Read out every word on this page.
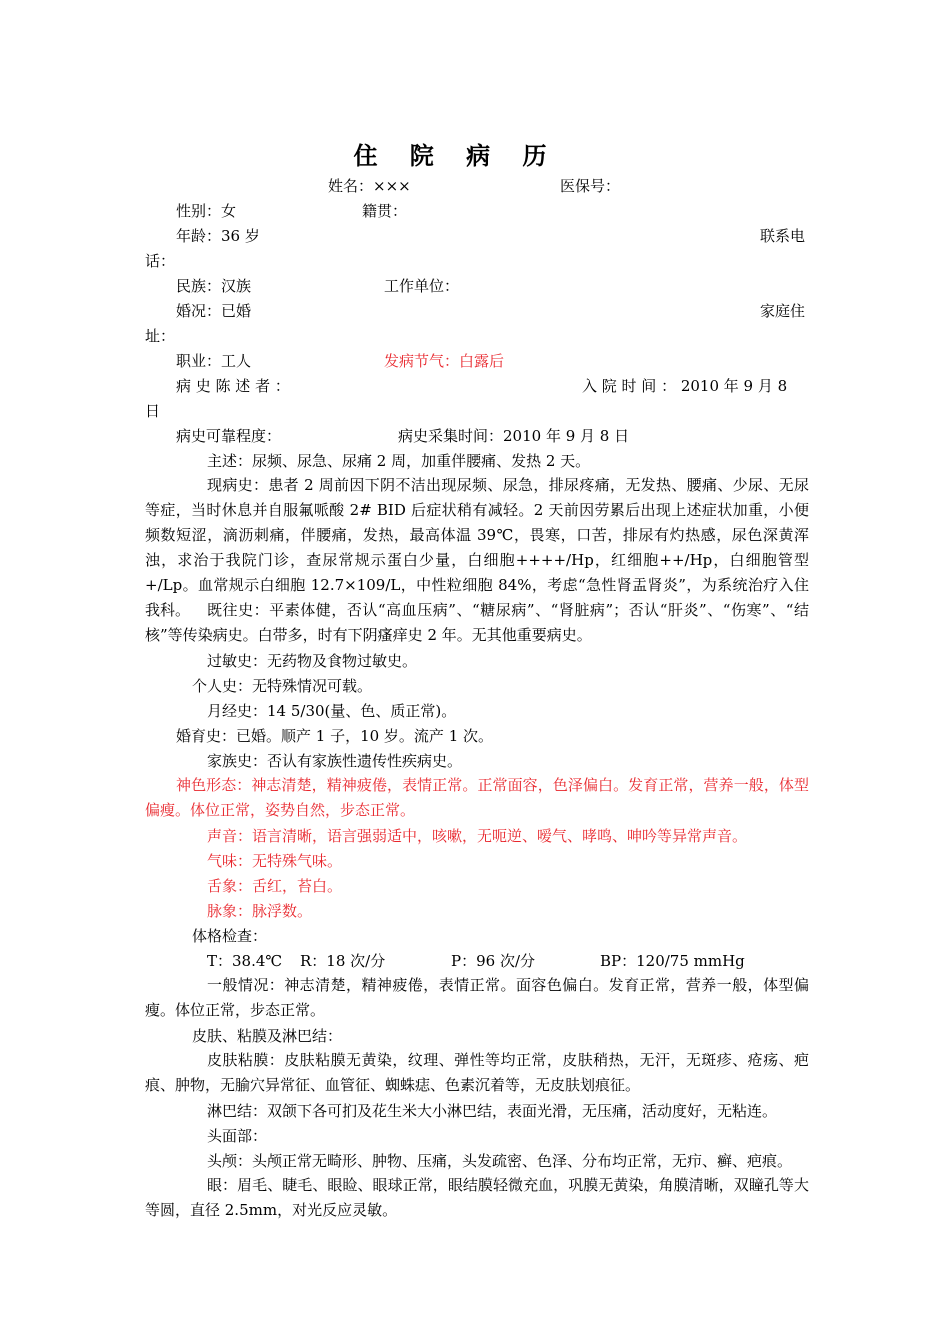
住 院 病 历
姓名：×××	医保号：
性别：女	籍贯：
年龄：36 岁	联系电
话：
民族：汉族	工作单位：
婚况：已婚	家庭住
址：
职业：工人	发病节气：白露后
病 史 陈 述 者 ：	入 院 时 间 ： 2010 年 9 月 8
日
病史可靠程度：	病史采集时间：2010 年 9 月 8 日
主述：尿频、尿急、尿痛 2 周，加重伴腰痛、发热 2 天。
现病史：患者 2 周前因下阴不洁出现尿频、尿急，排尿疼痛，无发热、腰痛、少尿、无尿等症，当时休息并自服氟哌酸 2# BID 后症状稍有减轻。2 天前因劳累后出现上述症状加重，小便频数短涩，滴沥刺痛，伴腰痛，发热，最高体温 39℃，畏寒，口苦，排尿有灼热感，尿色深黄浑浊，求治于我院门诊，查尿常规示蛋白少量，白细胞++++/Hp，红细胞++/Hp，白细胞管型+/Lp。血常规示白细胞 12.7×109/L，中性粒细胞 84%，考虑“急性肾盂肾炎”，为系统治疗入住我科。	既往史：平素体健，否认“高血压病”、“糖尿病”、“肾脏病”；否认“肝炎”、“伤寒”、“结核”等传染病史。白带多，时有下阴瘙痒史 2 年。无其他重要病史。
过敏史：无药物及食物过敏史。
个人史：无特殊情况可载。
月经史：14 5/30(量、色、质正常)。
婚育史：已婚。顺产 1 子，10 岁。流产 1 次。
家族史：否认有家族性遗传性疾病史。
神色形态：神志清楚，精神疲倦，表情正常。正常面容，色泽偏白。发育正常，营养一般，体型偏瘦。体位正常，姿势自然，步态正常。
声音：语言清晰，语言强弱适中，咳嗽，无呃逆、嗳气、哮鸣、呻吟等异常声音。
气味：无特殊气味。
舌象：舌红，苔白。
脉象：脉浮数。
体格检查：
T：38.4℃ R：18 次/分	P：96 次/分	BP：120/75 mmHg
一般情况：神志清楚，精神疲倦，表情正常。面容色偏白。发育正常，营养一般，体型偏瘦。体位正常，步态正常。
皮肤、粘膜及淋巴结：
皮肤粘膜：皮肤粘膜无黄染，纹理、弹性等均正常，皮肤稍热，无汗，无斑疹、疮疡、疤痕、肿物，无腧穴异常征、血管征、蜘蛛痣、色素沉着等，无皮肤划痕征。
淋巴结：双颌下各可扪及花生米大小淋巴结，表面光滑，无压痛，活动度好，无粘连。
头面部：
头颅：头颅正常无畸形、肿物、压痛，头发疏密、色泽、分布均正常，无疖、癣、疤痕。
眼：眉毛、睫毛、眼睑、眼球正常，眼结膜轻微充血，巩膜无黄染，角膜清晰，双瞳孔等大等圆，直径 2.5mm，对光反应灵敏。
